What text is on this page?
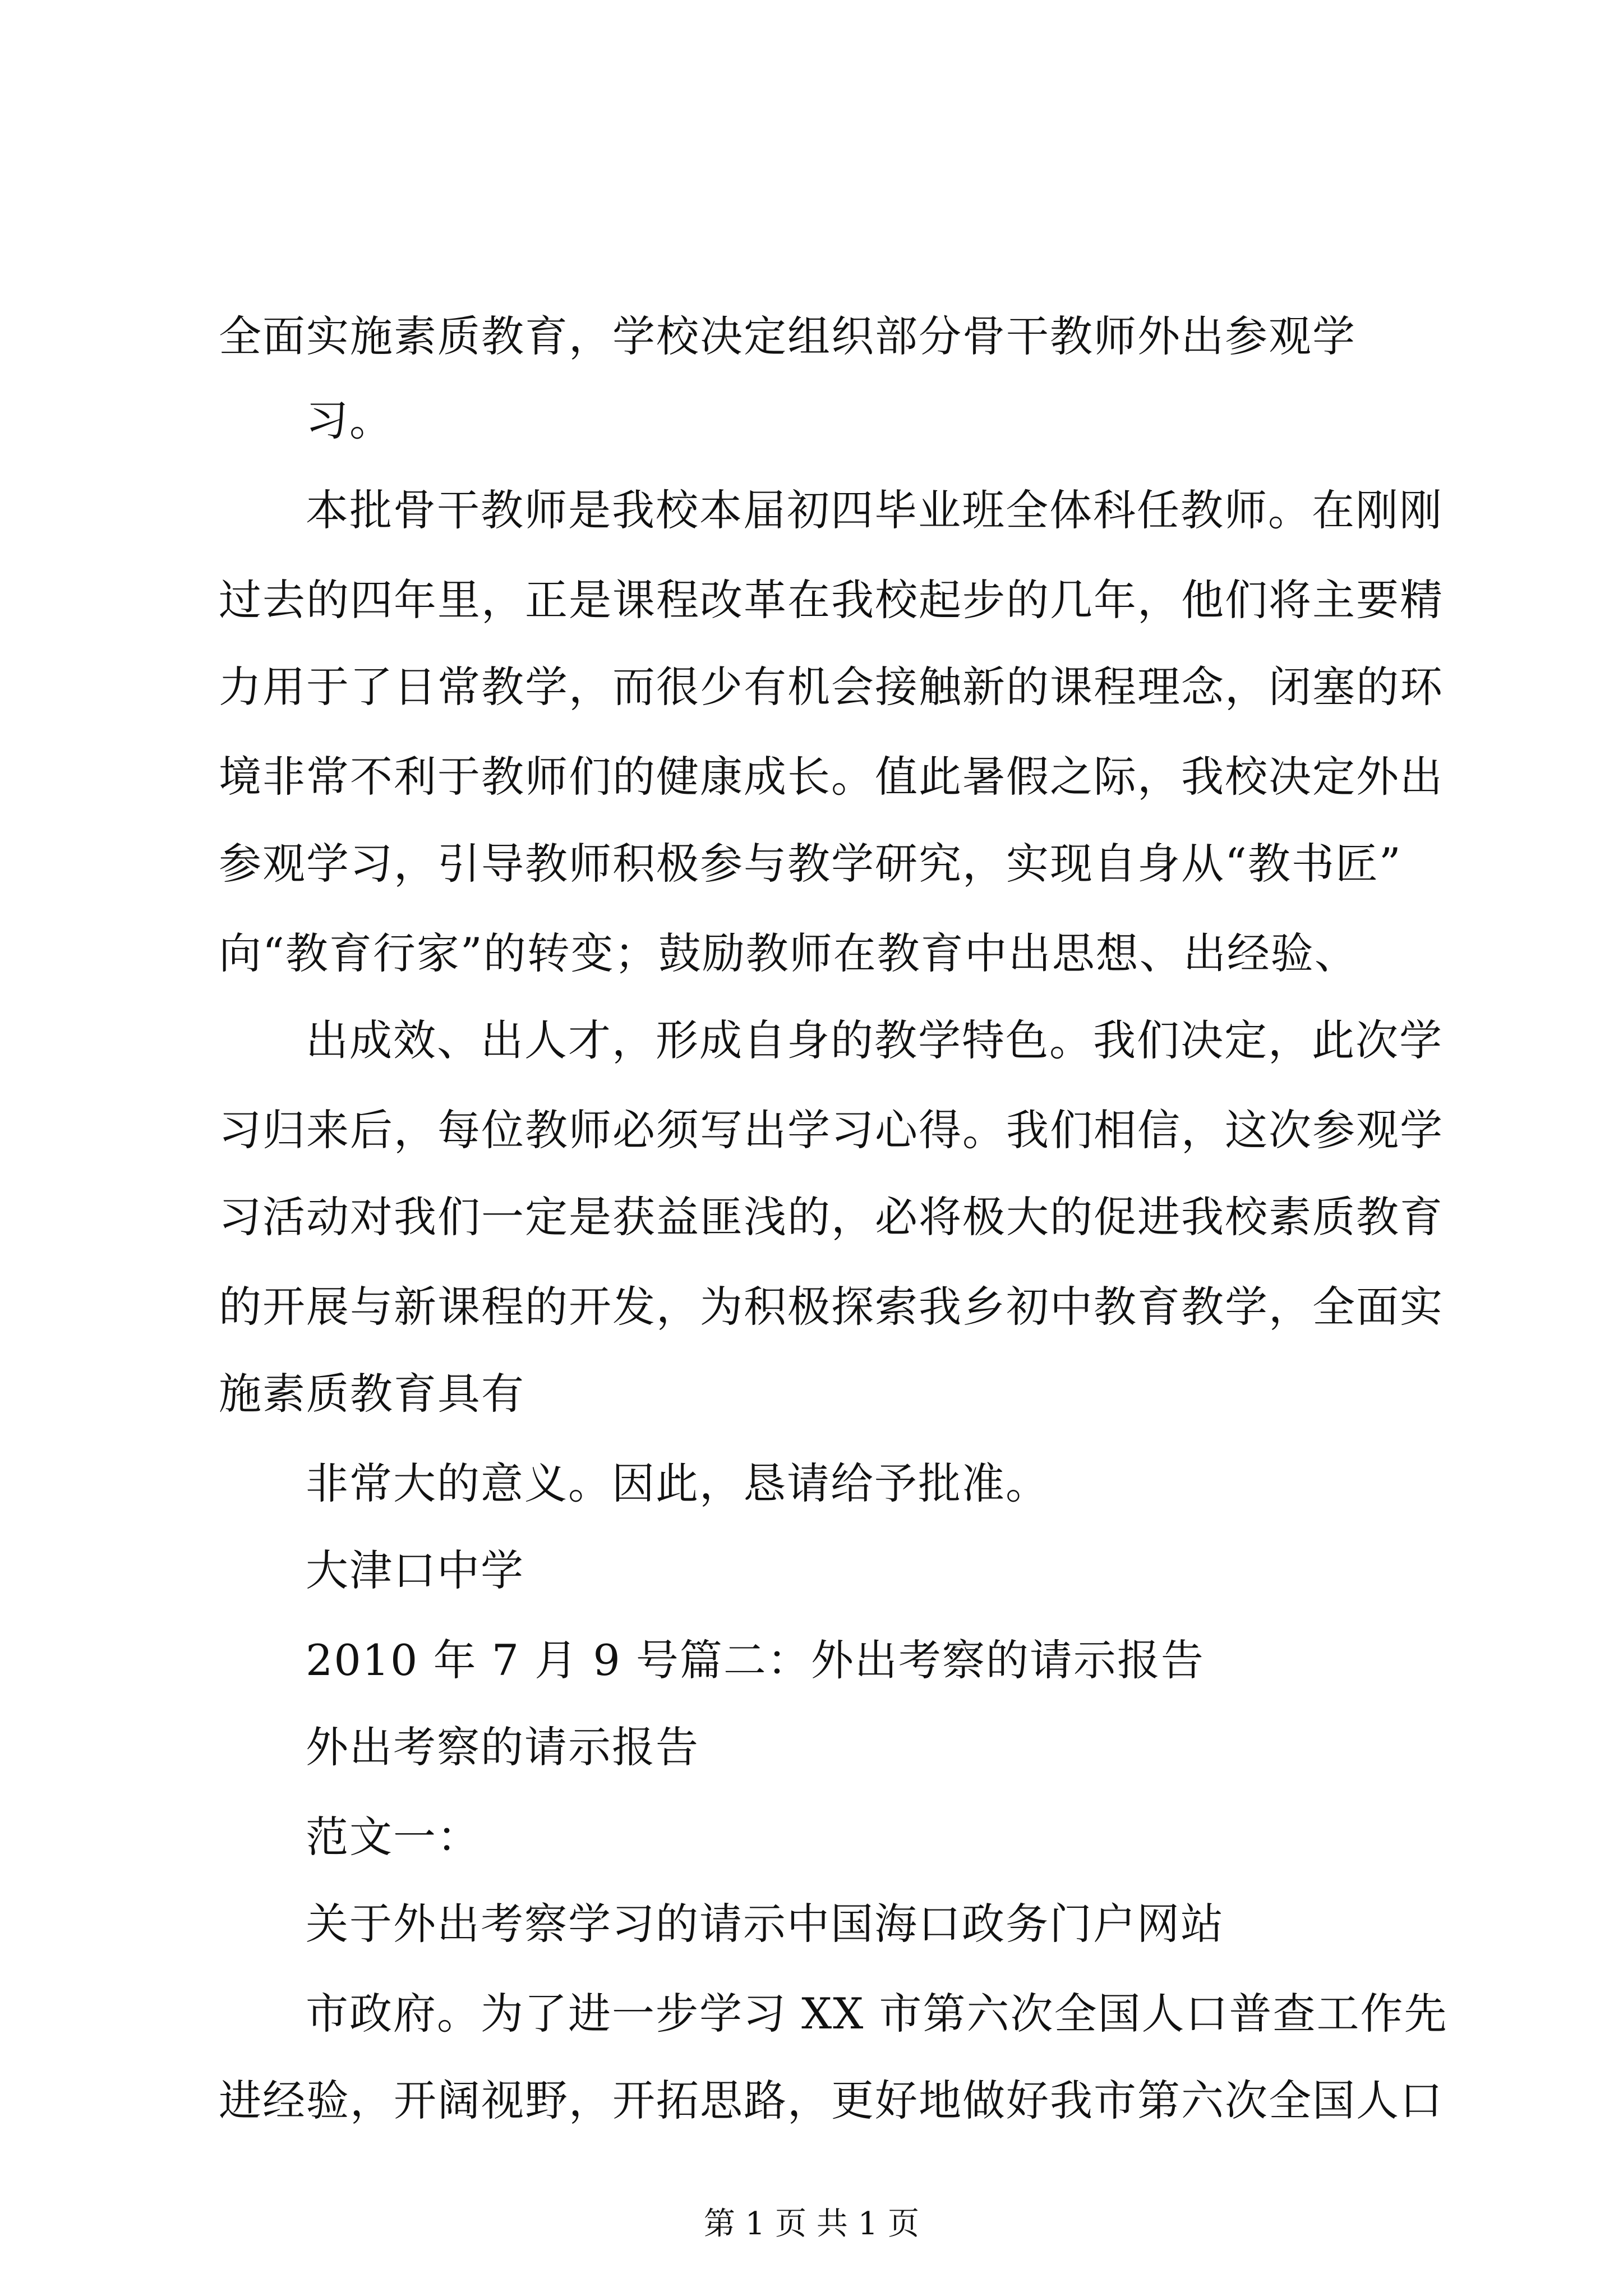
全面实施素质教育，学校决定组织部分骨干教师外出参观学
习。
本批骨干教师是我校本届初四毕业班全体科任教师。在刚刚
过去的四年里，正是课程改革在我校起步的几年，他们将主要精
力用于了日常教学，而很少有机会接触新的课程理念，闭塞的环
境非常不利于教师们的健康成长。值此暑假之际，我校决定外出
参观学习，引导教师积极参与教学研究，实现自身从“教书匠”
向“教育行家”的转变；鼓励教师在教育中出思想、出经验、
出成效、出人才，形成自身的教学特色。我们决定，此次学
习归来后，每位教师必须写出学习心得。我们相信，这次参观学
习活动对我们一定是获益匪浅的，必将极大的促进我校素质教育
的开展与新课程的开发，为积极探索我乡初中教育教学，全面实
施素质教育具有
非常大的意义。因此，恳请给予批准。
大津口中学
2010 年 7 月 9 号篇二：外出考察的请示报告
外出考察的请示报告
范文一：
关于外出考察学习的请示中国海口政务门户网站
市政府。为了进一步学习 XX 市第六次全国人口普查工作先
进经验，开阔视野，开拓思路，更好地做好我市第六次全国人口
第 1 页 共 1 页
